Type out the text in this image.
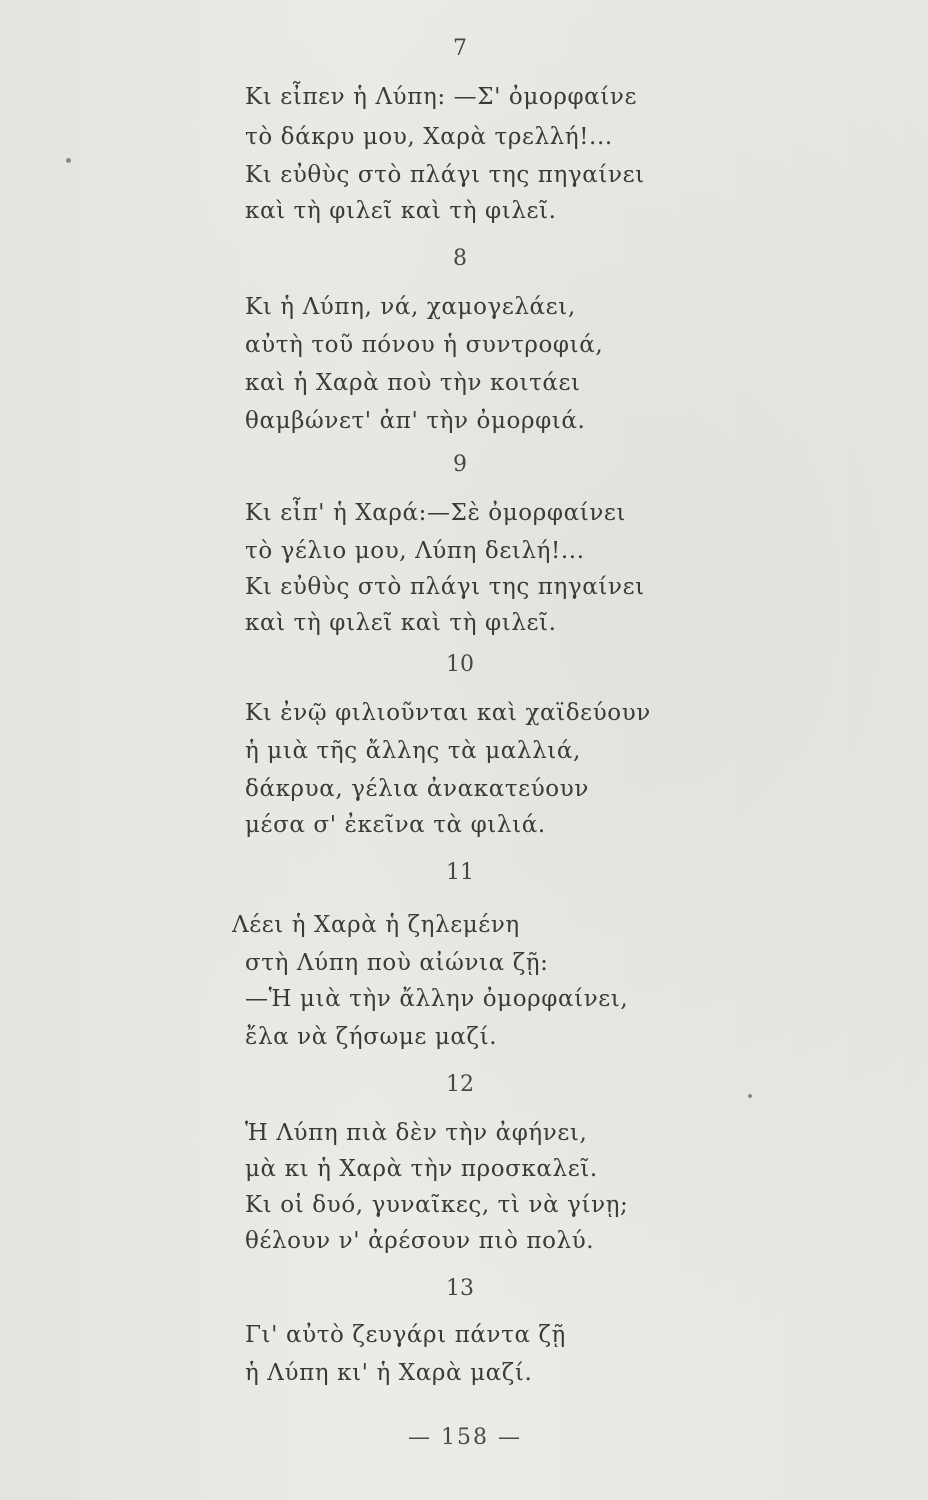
7
Κι εἶπεν ἡ Λύπη: —Σ' ὀμορφαίνε
τὸ δάκρυ μου, Χαρὰ τρελλή!...
Κι εὐθὺς στὸ πλάγι της πηγαίνει
καὶ τὴ φιλεῖ καὶ τὴ φιλεῖ.
8
Κι ἡ Λύπη, νά, χαμογελάει,
αὐτὴ τοῦ πόνου ἡ συντροφιά,
καὶ ἡ Χαρὰ ποὺ τὴν κοιτάει
θαμβώνετ' ἀπ' τὴν ὀμορφιά.
9
Κι εἶπ' ἡ Χαρά:—Σὲ ὀμορφαίνει
τὸ γέλιο μου, Λύπη δειλή!...
Κι εὐθὺς στὸ πλάγι της πηγαίνει
καὶ τὴ φιλεῖ καὶ τὴ φιλεῖ.
10
Κι ἐνῷ φιλιοῦνται καὶ χαϊδεύουν
ἡ μιὰ τῆς ἄλλης τὰ μαλλιά,
δάκρυα, γέλια ἀνακατεύουν
μέσα σ' ἐκεῖνα τὰ φιλιά.
11
Λέει ἡ Χαρὰ ἡ ζηλεμένη
στὴ Λύπη ποὺ αἰώνια ζῇ:
—Ἡ μιὰ τὴν ἄλλην ὀμορφαίνει,
ἔλα νὰ ζήσωμε μαζί.
12
Ἡ Λύπη πιὰ δὲν τὴν ἀφήνει,
μὰ κι ἡ Χαρὰ τὴν προσκαλεῖ.
Κι οἱ δυό, γυναῖκες, τὶ νὰ γίνῃ;
θέλουν ν' ἀρέσουν πιὸ πολύ.
13
Γι' αὐτὸ ζευγάρι πάντα ζῇ
ἡ Λύπη κι' ἡ Χαρὰ μαζί.
— 158 —
